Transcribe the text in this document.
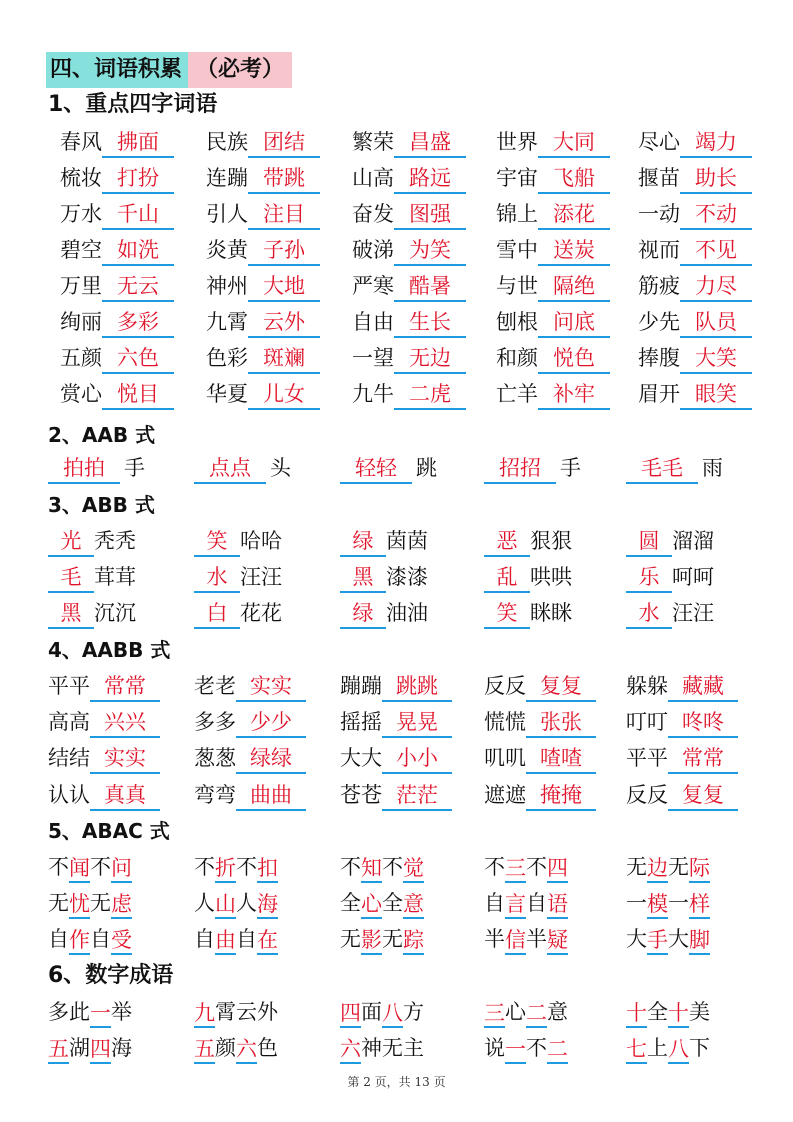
四、词语积累 （必考）
1、重点四字词语
春风 拂面	民族 团结	繁荣 昌盛	世界 大同	尽心 竭力
梳妆 打扮	连蹦 带跳	山高 路远	宇宙 飞船	揠苗 助长
万水 千山	引人 注目	奋发 图强	锦上 添花	一动 不动
碧空 如洗	炎黄 子孙	破涕 为笑	雪中 送炭	视而 不见
万里 无云	神州 大地	严寒 酷暑	与世 隔绝	筋疲 力尽
绚丽 多彩	九霄 云外	自由 生长	刨根 问底	少先 队员
五颜 六色	色彩 斑斓	一望 无边	和颜 悦色	捧腹 大笑
赏心 悦目	华夏 儿女	九牛 二虎	亡羊 补牢	眉开 眼笑
2、AAB 式
拍拍 手	点点 头	轻轻 跳	招招 手	毛毛 雨
3、ABB 式
光 秃秃	笑 哈哈	绿 茵茵	恶 狠狠	圆 溜溜
毛 茸茸	水 汪汪	黑 漆漆	乱 哄哄	乐 呵呵
黑 沉沉	白 花花	绿 油油	笑 眯眯	水 汪汪
4、AABB 式
平平 常常	老老 实实	蹦蹦 跳跳	反反 复复	躲躲 藏藏
高高 兴兴	多多 少少	摇摇 晃晃	慌慌 张张	叮叮 咚咚
结结 实实	葱葱 绿绿	大大 小小	叽叽 喳喳	平平 常常
认认 真真	弯弯 曲曲	苍苍 茫茫	遮遮 掩掩	反反 复复
5、ABAC 式
不 闻 不 问	不 折 不 扣	不 知 不 觉	不 三 不 四	无 边 无 际
无 忧 无 虑	人 山 人 海	全 心 全 意	自 言 自 语	一 模 一 样
自 作 自 受	自 由 自 在	无 影 无 踪	半 信 半 疑	大 手 大 脚
6、数字成语
多此 一 举	九 霄云外	四 面 八 方	三 心 二 意	十 全 十 美
五 湖 四 海	五 颜 六 色	六 神无主	说 一 不 二	七 上 八 下
第 2 页，共 13 页
